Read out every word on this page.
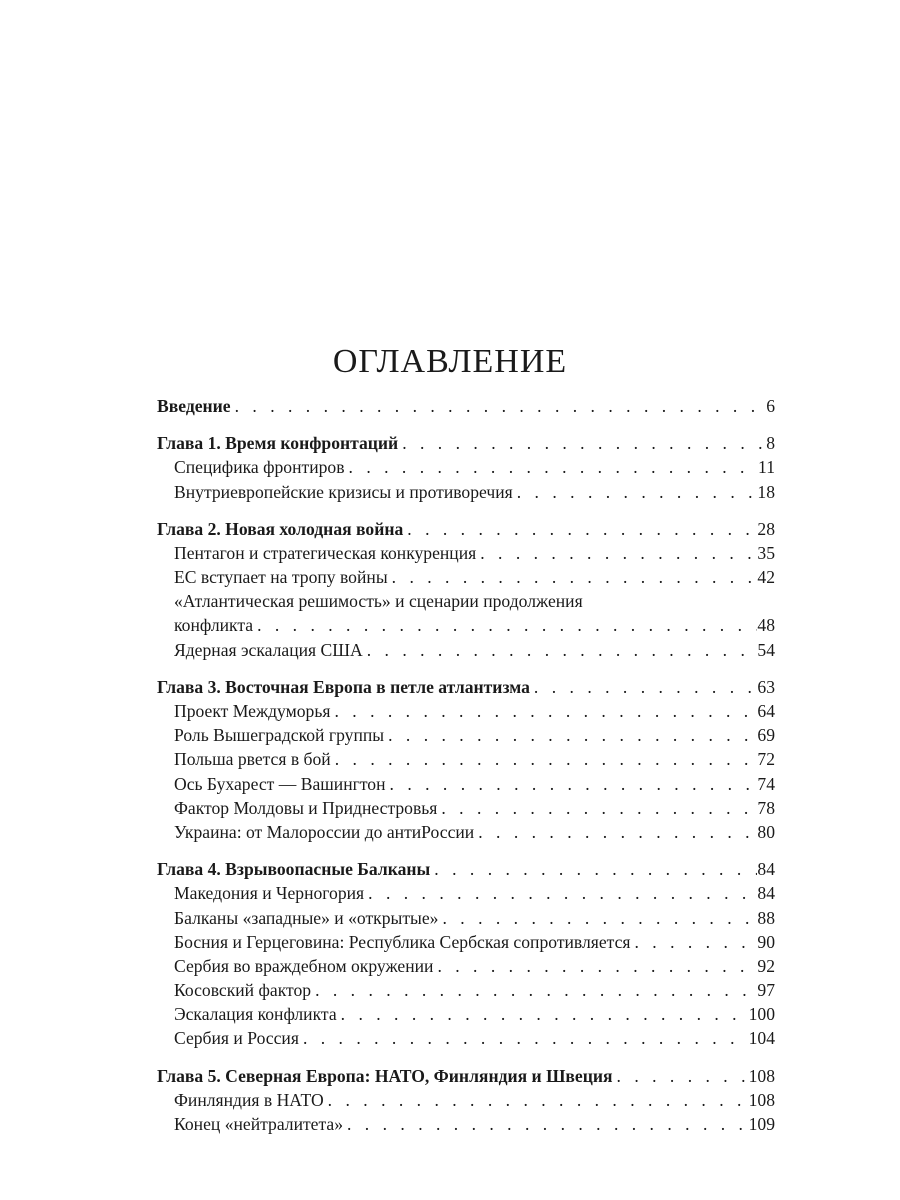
ОГЛАВЛЕНИЕ
Введение . . .	6
Глава 1. Время конфронтаций . . .	8
Специфика фронтиров . . .	11
Внутриевропейские кризисы и противоречия . . .	18
Глава 2. Новая холодная война . . .	28
Пентагон и стратегическая конкуренция . . .	35
ЕС вступает на тропу войны . . .	42
«Атлантическая решимость» и сценарии продолжения
конфликта . . .	48
Ядерная эскалация США . . .	54
Глава 3. Восточная Европа в петле атлантизма . . .	63
Проект Междуморья . . .	64
Роль Вышеградской группы . . .	69
Польша рвется в бой . . .	72
Ось Бухарест — Вашингтон . . .	74
Фактор Молдовы и Приднестровья . . .	78
Украина: от Малороссии до антиРоссии . . .	80
Глава 4. Взрывоопасные Балканы . . .	84
Македония и Черногория . . .	84
Балканы «западные» и «открытые» . . .	88
Босния и Герцеговина: Республика Сербская сопротивляется . . .	90
Сербия во враждебном окружении . . .	92
Косовский фактор . . .	97
Эскалация конфликта . . .	100
Сербия и Россия . . .	104
Глава 5. Северная Европа: НАТО, Финляндия и Швеция . . .	108
Финляндия в НАТО . . .	108
Конец «нейтралитета» . . .	109
